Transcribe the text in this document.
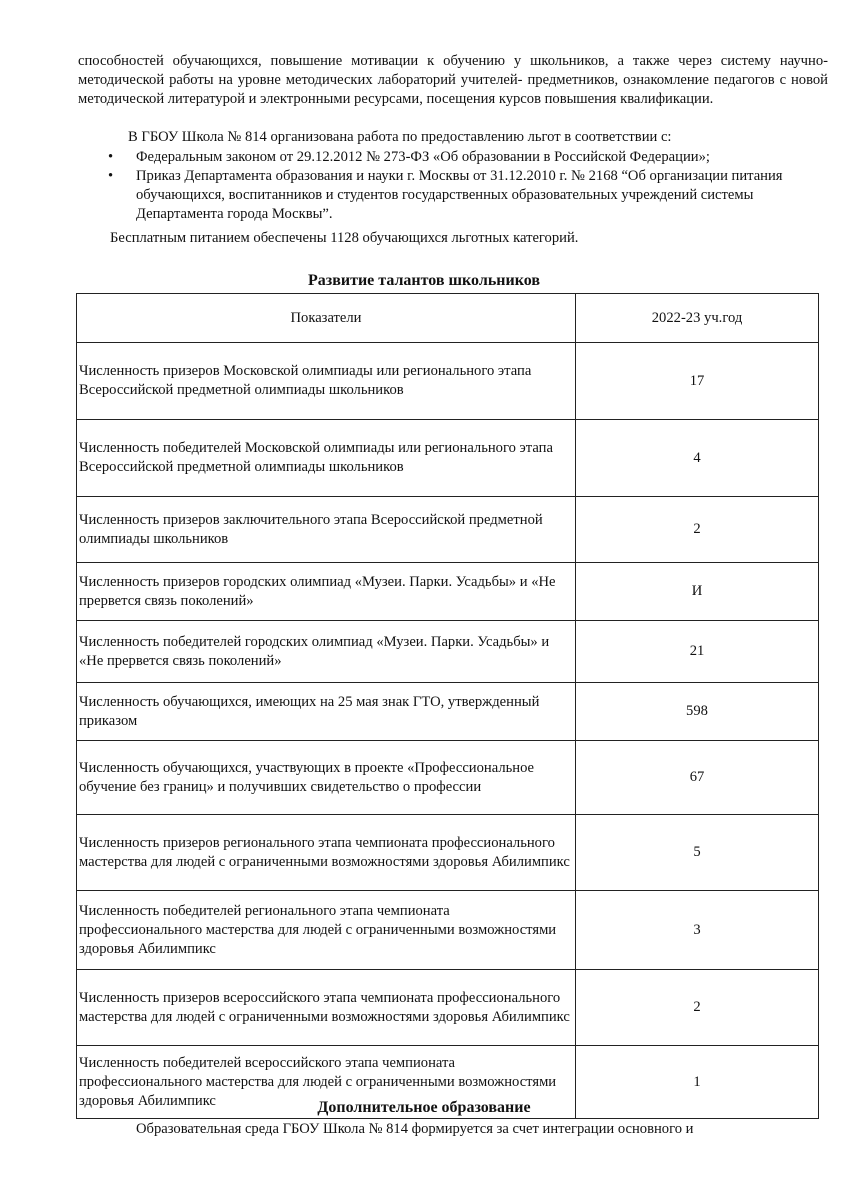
способностей обучающихся, повышение мотивации к обучению у школьников, а также через систему научно-методической работы на уровне методических лабораторий учителей- предметников, ознакомление педагогов с новой методической литературой и электронными ресурсами, посещения курсов повышения квалификации.

В ГБОУ Школа № 814 организована работа по предоставлению льгот в соответствии с:

• Федеральным законом от 29.12.2012 № 273-ФЗ «Об образовании в Российской Федерации»;
• Приказ Департамента образования и науки г. Москвы от 31.12.2010 г. № 2168 “Об организации питания обучающихся, воспитанников и студентов государственных образовательных учреждений системы Департамента города Москвы”.

Бесплатным питанием обеспечены 1128 обучающихся льготных категорий.

Развитие талантов школьников
Показатели	2022-23 уч.год
Численность призеров Московской олимпиады или регионального этапа Всероссийской предметной олимпиады школьников	17
Численность победителей Московской олимпиады или регионального этапа Всероссийской предметной олимпиады школьников	4
Численность призеров заключительного этапа Всероссийской предметной олимпиады школьников	2
Численность призеров городских олимпиад «Музеи. Парки. Усадьбы» и «Не прервется связь поколений»	И
Численность победителей городских олимпиад «Музеи. Парки. Усадьбы» и «Не прервется связь поколений»	21
Численность обучающихся, имеющих на 25 мая знак ГТО, утвержденный приказом	598
Численность обучающихся, участвующих в проекте «Профессиональное обучение без границ» и получивших свидетельство о профессии	67
Численность призеров регионального этапа чемпионата профессионального мастерства для людей с ограниченными возможностями здоровья Абилимпикс	5
Численность победителей регионального этапа чемпионата профессионального мастерства для людей с ограниченными возможностями здоровья Абилимпикс	3
Численность призеров всероссийского этапа чемпионата профессионального мастерства для людей с ограниченными возможностями здоровья Абилимпикс	2
Численность победителей всероссийского этапа чемпионата профессионального мастерства для людей с ограниченными возможностями здоровья Абилимпикс	1
Дополнительное образование

Образовательная среда ГБОУ Школа № 814 формируется за счет интеграции основного и
